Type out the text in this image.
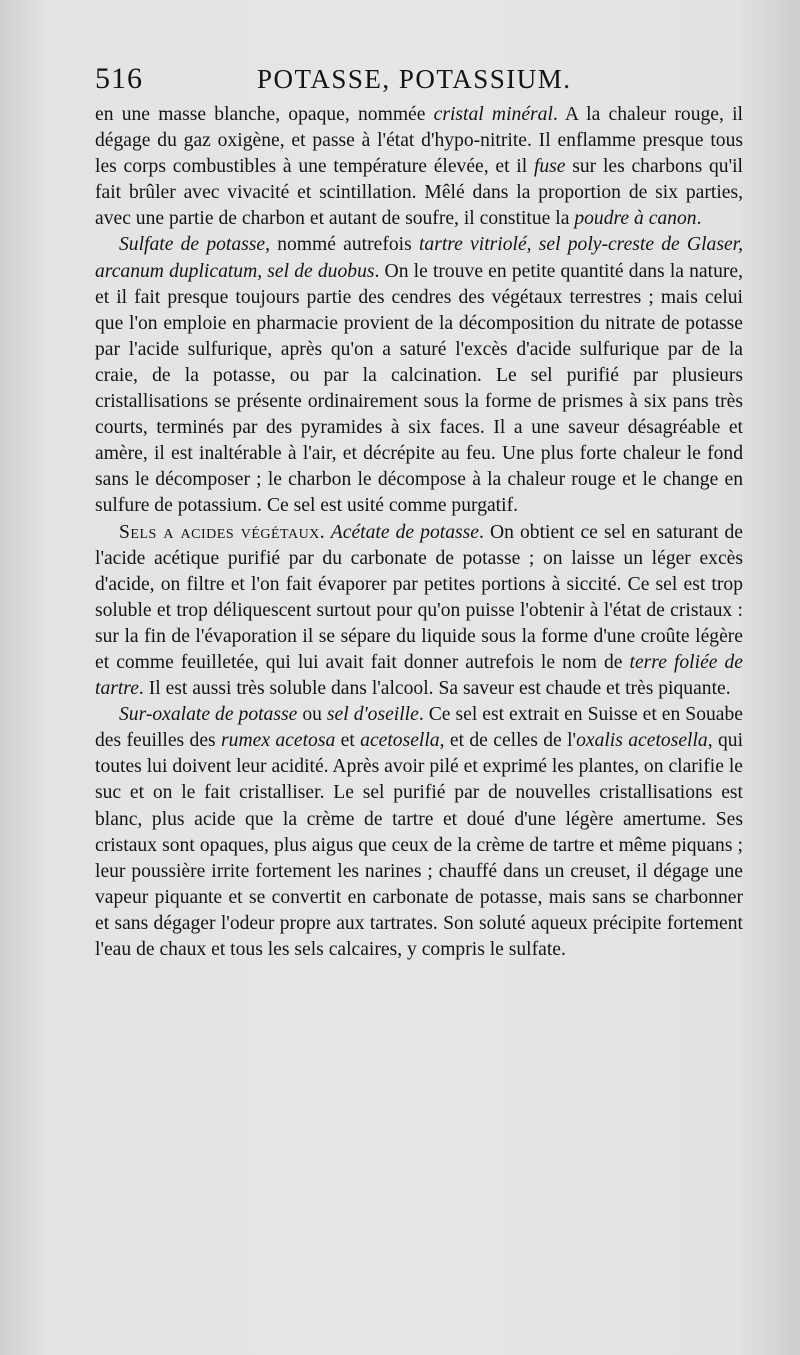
516	POTASSE, POTASSIUM.

en une masse blanche, opaque, nommée cristal minéral. A la chaleur rouge, il dégage du gaz oxigène, et passe à l'état d'hypo-nitrite. Il enflamme presque tous les corps combustibles à une température élevée, et il fuse sur les charbons qu'il fait brûler avec vivacité et scintillation. Mêlé dans la proportion de six parties, avec une partie de charbon et autant de soufre, il constitue la poudre à canon.

Sulfate de potasse, nommé autrefois tartre vitriolé, sel poly-creste de Glaser, arcanum duplicatum, sel de duobus. On le trouve en petite quantité dans la nature, et il fait presque toujours partie des cendres des végétaux terrestres ; mais celui que l'on emploie en pharmacie provient de la décomposition du nitrate de potasse par l'acide sulfurique, après qu'on a saturé l'excès d'acide sulfurique par de la craie, de la potasse, ou par la calcination. Le sel purifié par plusieurs cristallisations se présente ordinairement sous la forme de prismes à six pans très courts, terminés par des pyramides à six faces. Il a une saveur désagréable et amère, il est inaltérable à l'air, et décrépite au feu. Une plus forte chaleur le fond sans le décomposer ; le charbon le décompose à la chaleur rouge et le change en sulfure de potassium. Ce sel est usité comme purgatif.

Sels a acides végétaux. Acétate de potasse. On obtient ce sel en saturant de l'acide acétique purifié par du carbonate de potasse ; on laisse un léger excès d'acide, on filtre et l'on fait évaporer par petites portions à siccité. Ce sel est trop soluble et trop déliquescent surtout pour qu'on puisse l'obtenir à l'état de cristaux : sur la fin de l'évaporation il se sépare du liquide sous la forme d'une croûte légère et comme feuilletée, qui lui avait fait donner autrefois le nom de terre foliée de tartre. Il est aussi très soluble dans l'alcool. Sa saveur est chaude et très piquante.

Sur-oxalate de potasse ou sel d'oseille. Ce sel est extrait en Suisse et en Souabe des feuilles des rumex acetosa et acetosella, et de celles de l'oxalis acetosella, qui toutes lui doivent leur acidité. Après avoir pilé et exprimé les plantes, on clarifie le suc et on le fait cristalliser. Le sel purifié par de nouvelles cristallisations est blanc, plus acide que la crème de tartre et doué d'une légère amertume. Ses cristaux sont opaques, plus aigus que ceux de la crème de tartre et même piquans ; leur poussière irrite fortement les narines ; chauffé dans un creuset, il dégage une vapeur piquante et se convertit en carbonate de potasse, mais sans se charbonner et sans dégager l'odeur propre aux tartrates. Son soluté aqueux précipite fortement l'eau de chaux et tous les sels calcaires, y compris le sulfate.
